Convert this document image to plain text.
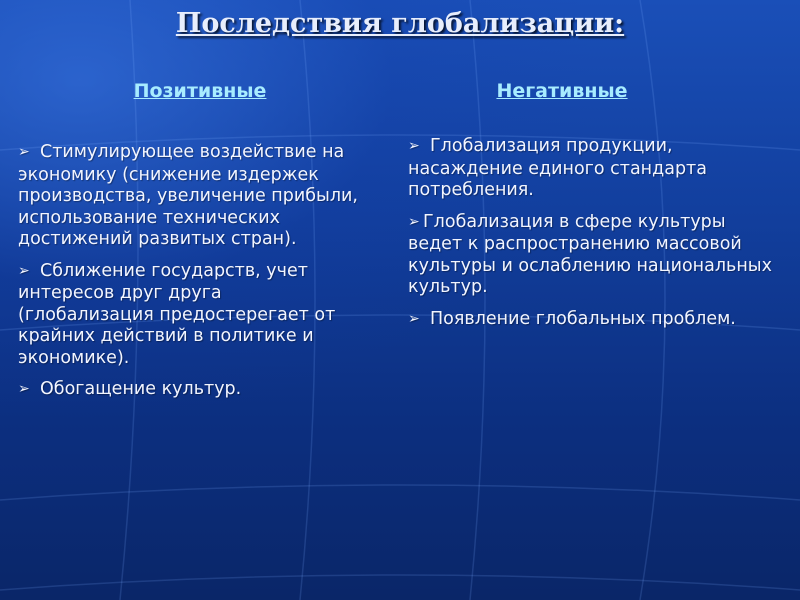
Последствия глобализации:
Позитивные	Негативные
➢ Стимулирующее воздействие на экономику (снижение издержек производства, увеличение прибыли, использование технических достижений развитых стран).
➢ Сближение государств, учет интересов друг друга (глобализация предостерегает от крайних действий в политике и экономике).
➢ Обогащение культур.
➢ Глобализация продукции, насаждение единого стандарта потребления.
➢ Глобализация в сфере культуры ведет к распространению массовой культуры и ослаблению национальных культур.
➢ Появление глобальных проблем.
